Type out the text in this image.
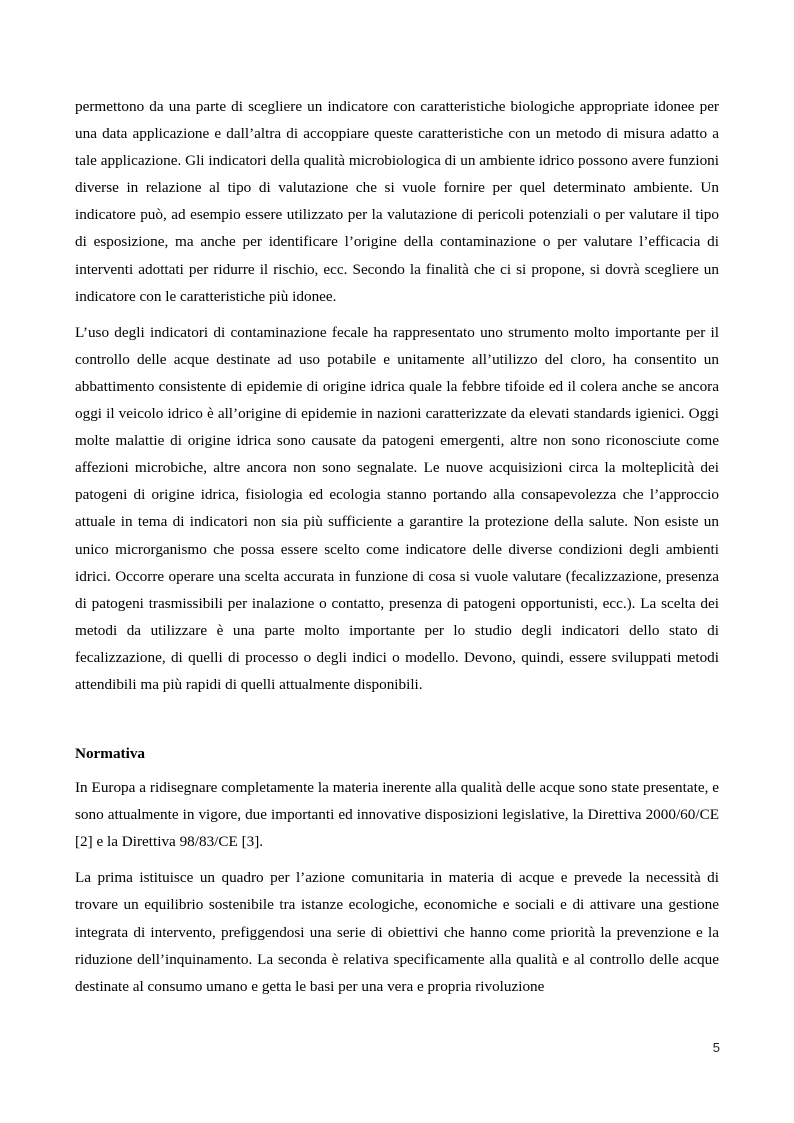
permettono da una parte di scegliere un indicatore con caratteristiche biologiche appropriate idonee per una data applicazione e dall’altra di accoppiare queste caratteristiche con un metodo di misura adatto a tale applicazione. Gli indicatori della qualità microbiologica di un ambiente idrico possono avere funzioni diverse in relazione al tipo di valutazione che si vuole fornire per quel determinato ambiente. Un indicatore può, ad esempio essere utilizzato per la valutazione di pericoli potenziali o per valutare il tipo di esposizione, ma anche per identificare l’origine della contaminazione o per valutare l’efficacia di interventi adottati per ridurre il rischio, ecc. Secondo la finalità che ci si propone, si dovrà scegliere un indicatore con le caratteristiche più idonee.

L’uso degli indicatori di contaminazione fecale ha rappresentato uno strumento molto importante per il controllo delle acque destinate ad uso potabile e unitamente all’utilizzo del cloro, ha consentito un abbattimento consistente di epidemie di origine idrica quale la febbre tifoide ed il colera anche se ancora oggi il veicolo idrico è all’origine di epidemie in nazioni caratterizzate da elevati standards igienici. Oggi molte malattie di origine idrica sono causate da patogeni emergenti, altre non sono riconosciute come affezioni microbiche, altre ancora non sono segnalate. Le nuove acquisizioni circa la molteplicità dei patogeni di origine idrica, fisiologia ed ecologia stanno portando alla consapevolezza che l’approccio attuale in tema di indicatori non sia più sufficiente a garantire la protezione della salute. Non esiste un unico microrganismo che possa essere scelto come indicatore delle diverse condizioni degli ambienti idrici. Occorre operare una scelta accurata in funzione di cosa si vuole valutare (fecalizzazione, presenza di patogeni trasmissibili per inalazione o contatto, presenza di patogeni opportunisti, ecc.). La scelta dei metodi da utilizzare è una parte molto importante per lo studio degli indicatori dello stato di fecalizzazione, di quelli di processo o degli indici o modello. Devono, quindi, essere sviluppati metodi attendibili ma più rapidi di quelli attualmente disponibili.

Normativa

In Europa a ridisegnare completamente la materia inerente alla qualità delle acque sono state presentate, e sono attualmente in vigore, due importanti ed innovative disposizioni legislative, la Direttiva 2000/60/CE [2] e la Direttiva 98/83/CE [3].

La prima istituisce un quadro per l’azione comunitaria in materia di acque e prevede la necessità di trovare un equilibrio sostenibile tra istanze ecologiche, economiche e sociali e di attivare una gestione integrata di intervento, prefiggendosi una serie di obiettivi che hanno come priorità la prevenzione e la riduzione dell’inquinamento. La seconda è relativa specificamente alla qualità e al controllo delle acque destinate al consumo umano e getta le basi per una vera e propria rivoluzione

5
